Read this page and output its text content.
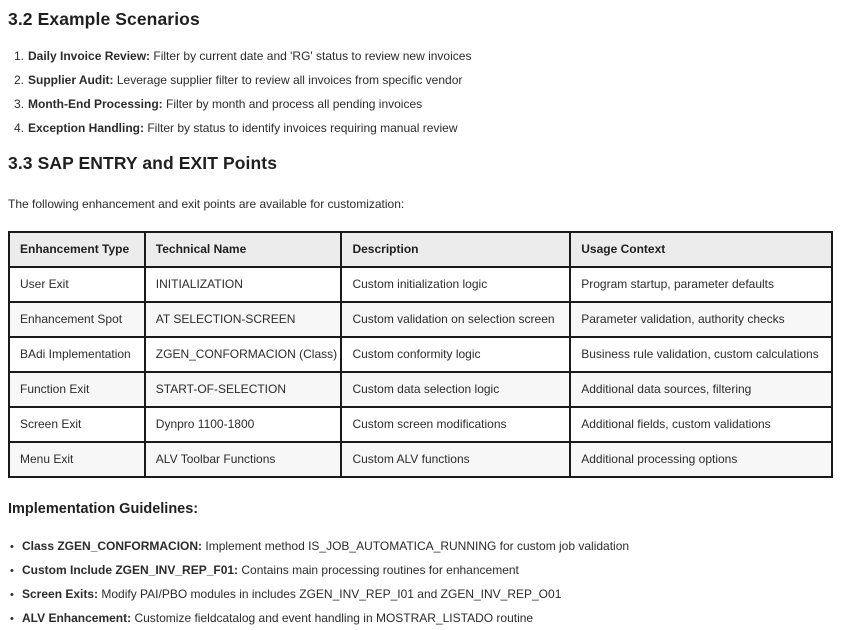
3.2 Example Scenarios
1. Daily Invoice Review: Filter by current date and 'RG' status to review new invoices
2. Supplier Audit: Leverage supplier filter to review all invoices from specific vendor
3. Month-End Processing: Filter by month and process all pending invoices
4. Exception Handling: Filter by status to identify invoices requiring manual review
3.3 SAP ENTRY and EXIT Points

The following enhancement and exit points are available for customization:

Enhancement Type	Technical Name	Description	Usage Context
User Exit	INITIALIZATION	Custom initialization logic	Program startup, parameter defaults
Enhancement Spot	AT SELECTION-SCREEN	Custom validation on selection screen	Parameter validation, authority checks
BAdi Implementation	ZGEN_CONFORMACION (Class)	Custom conformity logic	Business rule validation, custom calculations
Function Exit	START-OF-SELECTION	Custom data selection logic	Additional data sources, filtering
Screen Exit	Dynpro 1100-1800	Custom screen modifications	Additional fields, custom validations
Menu Exit	ALV Toolbar Functions	Custom ALV functions	Additional processing options
Implementation Guidelines:
• Class ZGEN_CONFORMACION: Implement method IS_JOB_AUTOMATICA_RUNNING for custom job validation
• Custom Include ZGEN_INV_REP_F01: Contains main processing routines for enhancement
• Screen Exits: Modify PAI/PBO modules in includes ZGEN_INV_REP_I01 and ZGEN_INV_REP_O01
• ALV Enhancement: Customize fieldcatalog and event handling in MOSTRAR_LISTADO routine
